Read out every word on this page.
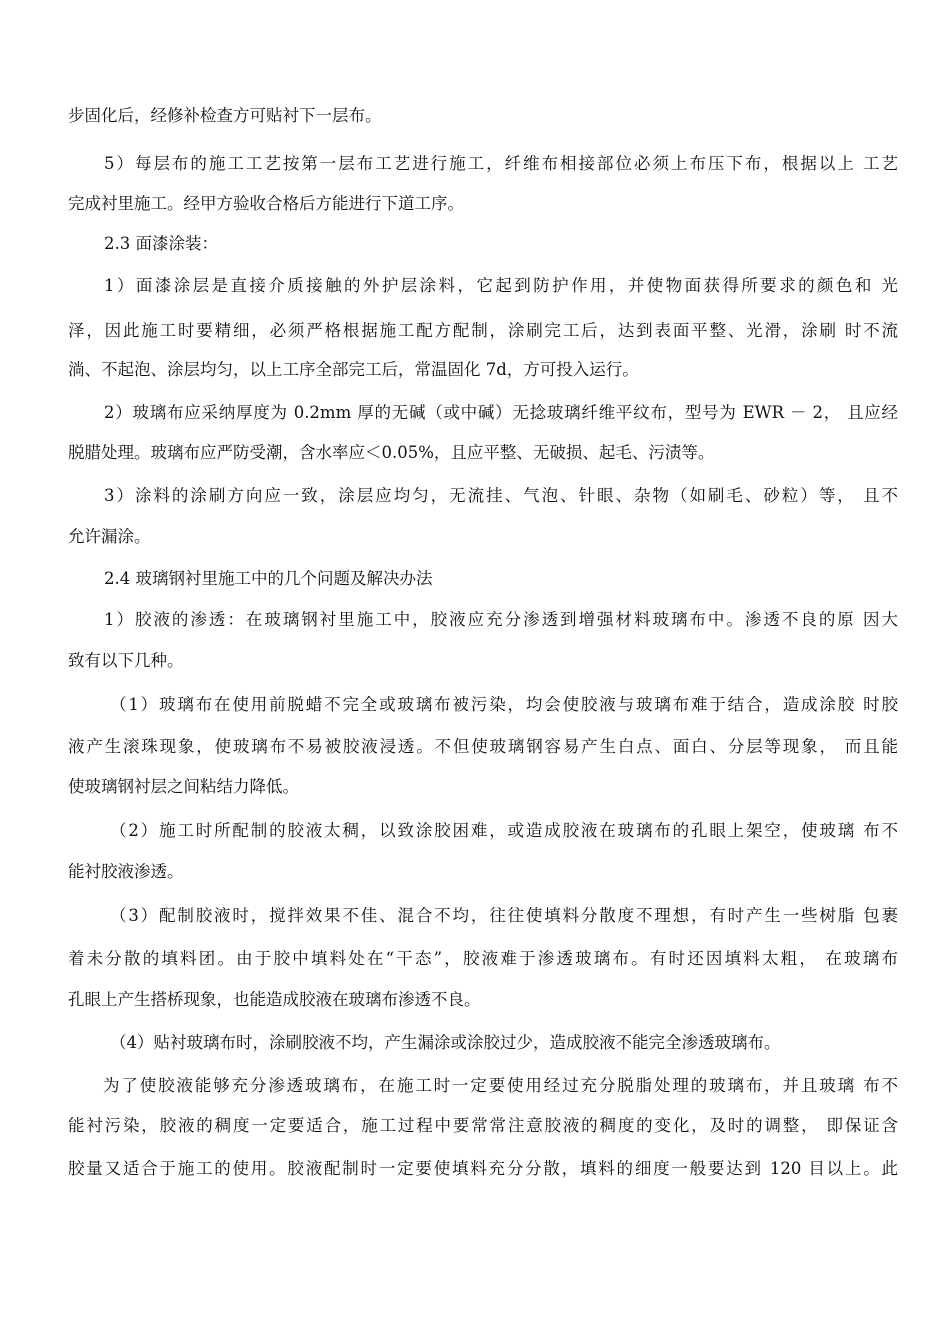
步固化后，经修补检查方可贴衬下一层布。
5）每层布的施工工艺按第一层布工艺进行施工，纤维布相接部位必须上布压下布，根据以上 工艺
完成衬里施工。经甲方验收合格后方能进行下道工序。
2.3 面漆涂装：
1）面漆涂层是直接介质接触的外护层涂料，它起到防护作用，并使物面获得所要求的颜色和 光
泽，因此施工时要精细，必须严格根据施工配方配制，涂刷完工后，达到表面平整、光滑，涂刷 时不流
淌、不起泡、涂层均匀，以上工序全部完工后，常温固化 7d，方可投入运行。
2）玻璃布应采纳厚度为 0.2mm 厚的无碱（或中碱）无捻玻璃纤维平纹布，型号为 EWR － 2， 且应经
脱腊处理。玻璃布应严防受潮，含水率应＜0.05%，且应平整、无破损、起毛、污渍等。
3）涂料的涂刷方向应一致，涂层应均匀，无流挂、气泡、针眼、杂物（如刷毛、砂粒）等， 且不
允许漏涂。
2.4 玻璃钢衬里施工中的几个问题及解决办法
1）胶液的渗透：在玻璃钢衬里施工中，胶液应充分渗透到增强材料玻璃布中。渗透不良的原 因大
致有以下几种。
（1）玻璃布在使用前脱蜡不完全或玻璃布被污染，均会使胶液与玻璃布难于结合，造成涂胶 时胶
液产生滚珠现象，使玻璃布不易被胶液浸透。不但使玻璃钢容易产生白点、面白、分层等现象， 而且能
使玻璃钢衬层之间粘结力降低。
（2）施工时所配制的胶液太稠，以致涂胶困难，或造成胶液在玻璃布的孔眼上架空，使玻璃 布不
能衬胶液渗透。
（3）配制胶液时，搅拌效果不佳、混合不均，往往使填料分散度不理想，有时产生一些树脂 包裹
着未分散的填料团。由于胶中填料处在“干态”，胶液难于渗透玻璃布。有时还因填料太粗， 在玻璃布
孔眼上产生搭桥现象，也能造成胶液在玻璃布渗透不良。
（4）贴衬玻璃布时，涂刷胶液不均，产生漏涂或涂胶过少，造成胶液不能完全渗透玻璃布。
为了使胶液能够充分渗透玻璃布，在施工时一定要使用经过充分脱脂处理的玻璃布，并且玻璃 布不
能衬污染，胶液的稠度一定要适合，施工过程中要常常注意胶液的稠度的变化，及时的调整， 即保证含
胶量又适合于施工的使用。胶液配制时一定要使填料充分分散，填料的细度一般要达到 120 目以上。此
